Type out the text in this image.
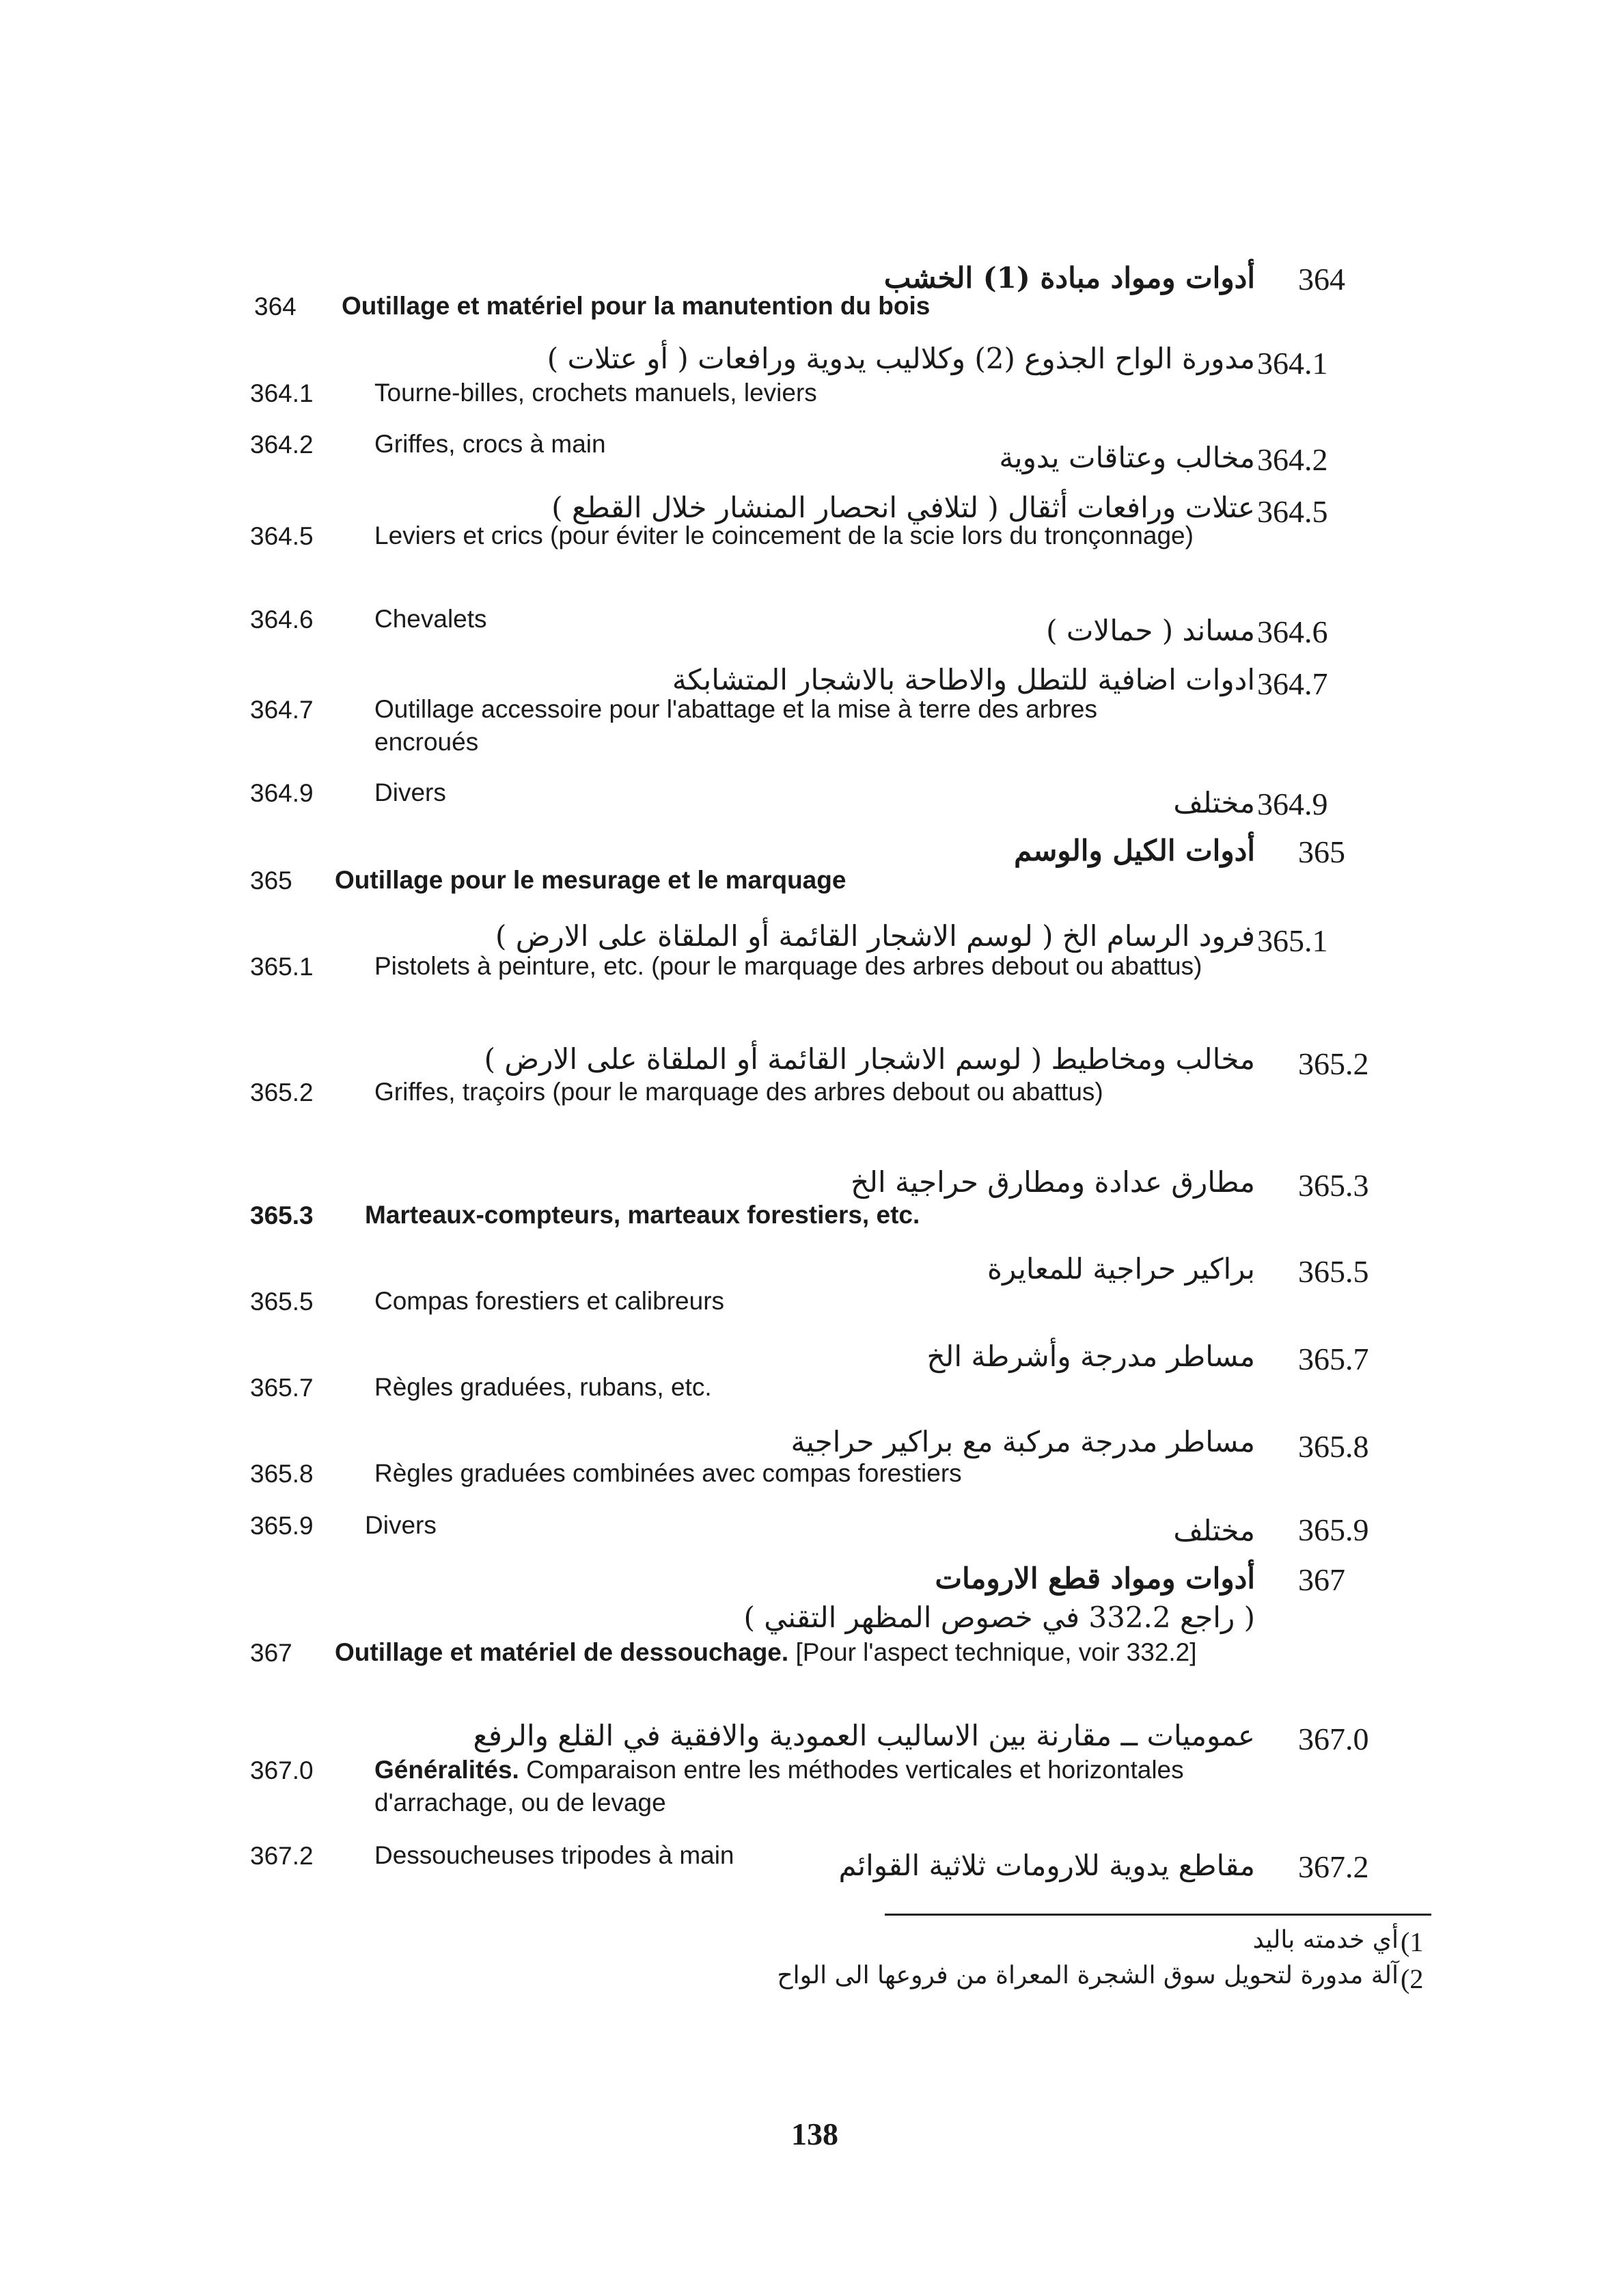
أدوات ومواد مبادة (1) الخشب 364
364 Outillage et matériel pour la manutention du bois
مدورة الواح الجذوع (2) وكلاليب يدوية ورافعات ( أو عتلات ) 364.1
364.1 Tourne-billes, crochets manuels, leviers
364.2 Griffes, crocs à main	مخالب وعتاقات يدوية 364.2
عتلات ورافعات أثقال ( لتلافي انحصار المنشار خلال القطع ) 364.5
364.5 Leviers et crics (pour éviter le coincement de la scie lors du tronçonnage)
364.6 Chevalets	مساند ( حمالات ) 364.6
ادوات اضافية للتطل والاطاحة بالاشجار المتشابكة 364.7
364.7 Outillage accessoire pour l'abattage et la mise à terre des arbres encroués
364.9 Divers	مختلف 364.9
أدوات الكيل والوسم 365
365 Outillage pour le mesurage et le marquage
فرود الرسام الخ ( لوسم الاشجار القائمة أو الملقاة على الارض ) 365.1
365.1 Pistolets à peinture, etc. (pour le marquage des arbres debout ou abattus)
مخالب ومخاطيط ( لوسم الاشجار القائمة أو الملقاة على الارض ) 365.2
365.2 Griffes, traçoirs (pour le marquage des arbres debout ou abattus)
مطارق عدادة ومطارق حراجية الخ 365.3
365.3 Marteaux-compteurs, marteaux forestiers, etc.
براكير حراجية للمعايرة 365.5
365.5 Compas forestiers et calibreurs
مساطر مدرجة وأشرطة الخ 365.7
365.7 Règles graduées, rubans, etc.
مساطر مدرجة مركبة مع براكير حراجية 365.8
365.8 Règles graduées combinées avec compas forestiers
365.9 Divers	مختلف 365.9
أدوات ومواد قطع الارومات 367
( راجع 332.2 في خصوص المظهر التقني )
367 Outillage et matériel de dessouchage. [Pour l'aspect technique, voir 332.2]
عموميات ــ مقارنة بين الاساليب العمودية والافقية في القلع والرفع 367.0
367.0 Généralités. Comparaison entre les méthodes verticales et horizontales d'arrachage, ou de levage
367.2 Dessoucheuses tripodes à main	مقاطع يدوية للارومات ثلاثية القوائم 367.2
أي خدمته باليد (1
آلة مدورة لتحويل سوق الشجرة المعراة من فروعها الى الواح (2
138
